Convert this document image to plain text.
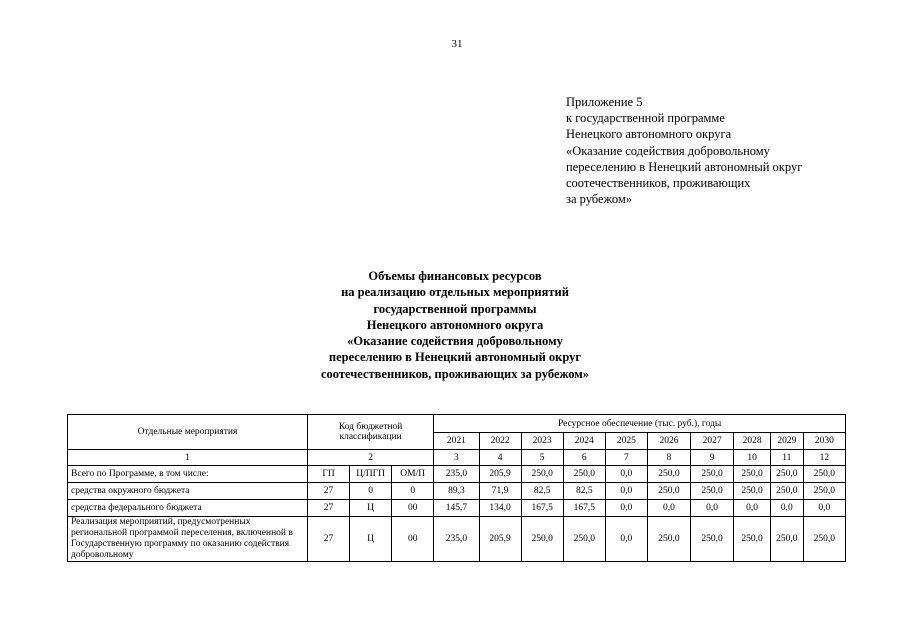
31
Приложение 5
к государственной программе
Ненецкого автономного округа
«Оказание содействия добровольному
переселению в Ненецкий автономный округ
соотечественников, проживающих
за рубежом»
Объемы финансовых ресурсов
на реализацию отдельных мероприятий
государственной программы
Ненецкого автономного округа
«Оказание содействия добровольному
переселению в Ненецкий автономный округ
соотечественников, проживающих за рубежом»
Отдельные мероприятия	Код бюджетной классификации			Ресурсное обеспечение (тыс. руб.), годы									
				2021	2022	2023	2024	2025	2026	2027	2028	2029	2030
1	2			3	4	5	6	7	8	9	10	11	12
Всего по Программе, в том числе:	ГП	Ц/ПГП	ОМ/П	235,0	205,9	250,0	250,0	0,0	250,0	250,0	250,0	250,0	250,0
средства окружного бюджета	27	0	0	89,3	71,9	82,5	82,5	0,0	250,0	250,0	250,0	250,0	250,0
средства федерального бюджета	27	Ц	00	145,7	134,0	167,5	167,5	0,0	0,0	0,0	0,0	0,0	0,0
Реализация мероприятий, предусмотренных региональной программой переселения, включенной в Государственную программу по оказанию содействия добровольному	27	Ц	00	235,0	205,9	250,0	250,0	0,0	250,0	250,0	250,0	250,0	250,0
